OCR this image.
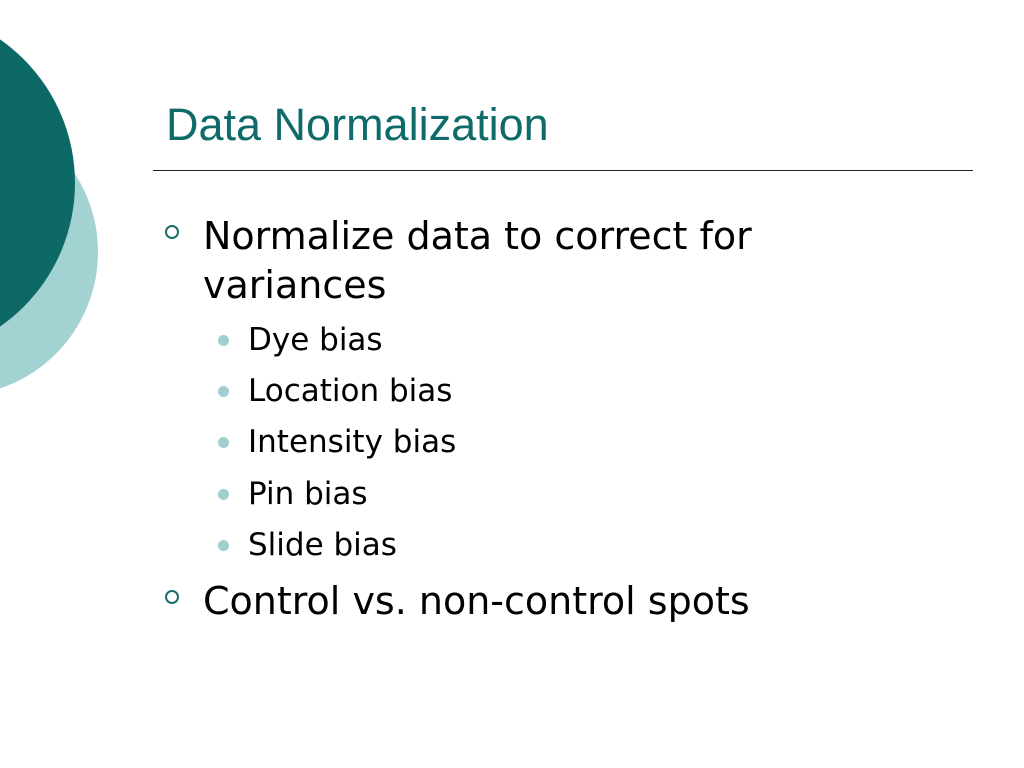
Data Normalization
Normalize data to correct for
variances
Dye bias
Location bias
Intensity bias
Pin bias
Slide bias
Control vs. non-control spots
